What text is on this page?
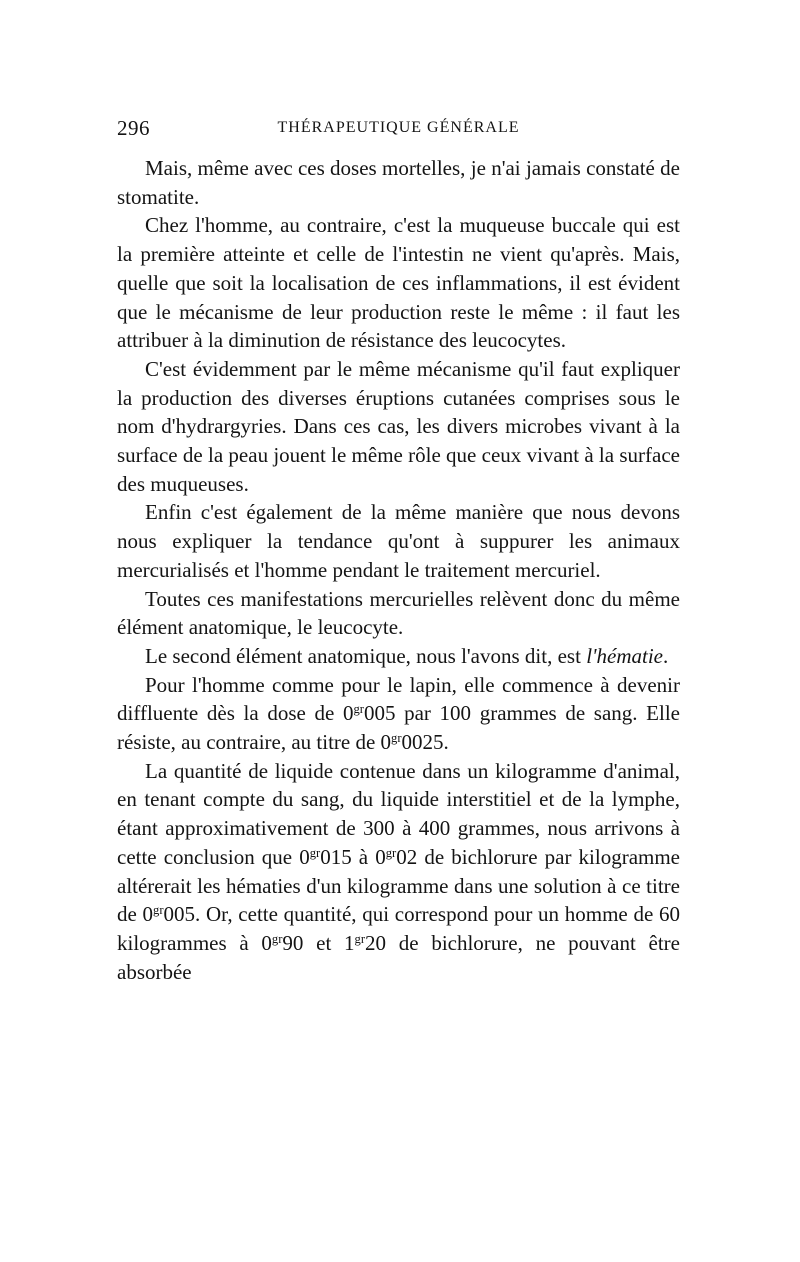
296	THÉRAPEUTIQUE GÉNÉRALE

Mais, même avec ces doses mortelles, je n'ai jamais constaté de stomatite.

Chez l'homme, au contraire, c'est la muqueuse buccale qui est la première atteinte et celle de l'intestin ne vient qu'après. Mais, quelle que soit la localisation de ces inflammations, il est évident que le mécanisme de leur production reste le même : il faut les attribuer à la diminution de résistance des leucocytes.

C'est évidemment par le même mécanisme qu'il faut expliquer la production des diverses éruptions cutanées comprises sous le nom d'hydrargyries. Dans ces cas, les divers microbes vivant à la surface de la peau jouent le même rôle que ceux vivant à la surface des muqueuses.

Enfin c'est également de la même manière que nous devons nous expliquer la tendance qu'ont à suppurer les animaux mercurialisés et l'homme pendant le traitement mercuriel.

Toutes ces manifestations mercurielles relèvent donc du même élément anatomique, le leucocyte.

Le second élément anatomique, nous l'avons dit, est l'hématie.

Pour l'homme comme pour le lapin, elle commence à devenir diffluente dès la dose de $0^{gr}005$ par 100 grammes de sang. Elle résiste, au contraire, au titre de $0^{gr}0025$.

La quantité de liquide contenue dans un kilogramme d'animal, en tenant compte du sang, du liquide interstitiel et de la lymphe, étant approximativement de 300 à 400 grammes, nous arrivons à cette conclusion que $0^{gr}015$ à $0^{gr}02$ de bichlorure par kilogramme altérerait les hématies d'un kilogramme dans une solution à ce titre de $0^{gr}005$. Or, cette quantité, qui correspond pour un homme de 60 kilogrammes à $0^{gr}90$ et $1^{gr}20$ de bichlorure, ne pouvant être absorbée
